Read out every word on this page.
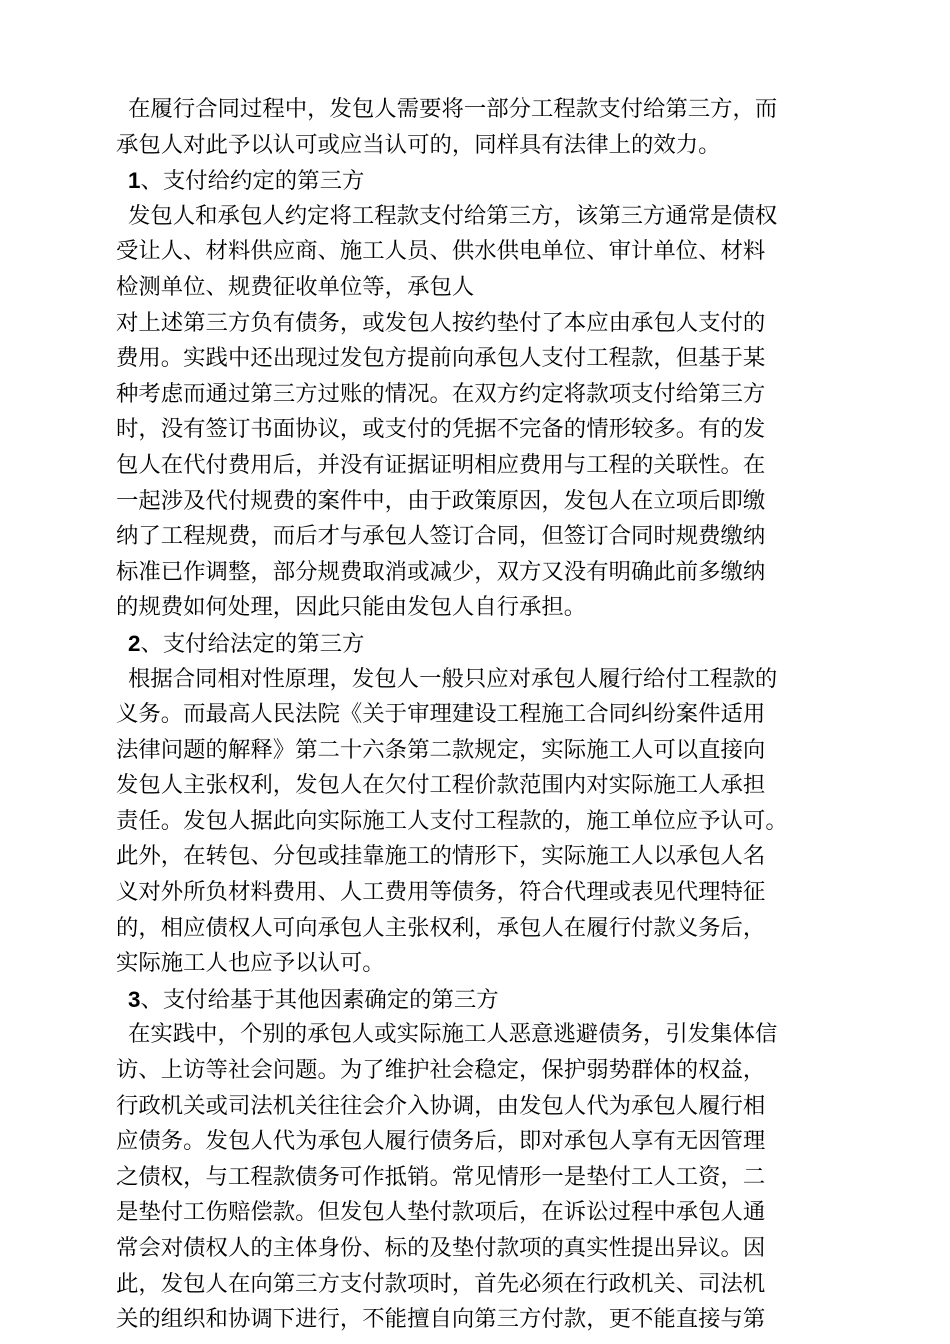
在履行合同过程中，发包人需要将一部分工程款支付给第三方，而
承包人对此予以认可或应当认可的，同样具有法律上的效力。
1、支付给约定的第三方
发包人和承包人约定将工程款支付给第三方，该第三方通常是债权
受让人、材料供应商、施工人员、供水供电单位、审计单位、材料
检测单位、规费征收单位等，承包人
对上述第三方负有债务，或发包人按约垫付了本应由承包人支付的
费用。实践中还出现过发包方提前向承包人支付工程款，但基于某
种考虑而通过第三方过账的情况。在双方约定将款项支付给第三方
时，没有签订书面协议，或支付的凭据不完备的情形较多。有的发
包人在代付费用后，并没有证据证明相应费用与工程的关联性。在
一起涉及代付规费的案件中，由于政策原因，发包人在立项后即缴
纳了工程规费，而后才与承包人签订合同，但签订合同时规费缴纳
标准已作调整，部分规费取消或减少，双方又没有明确此前多缴纳
的规费如何处理，因此只能由发包人自行承担。
2、支付给法定的第三方
根据合同相对性原理，发包人一般只应对承包人履行给付工程款的
义务。而最高人民法院《关于审理建设工程施工合同纠纷案件适用
法律问题的解释》第二十六条第二款规定，实际施工人可以直接向
发包人主张权利，发包人在欠付工程价款范围内对实际施工人承担
责任。发包人据此向实际施工人支付工程款的，施工单位应予认可。
此外，在转包、分包或挂靠施工的情形下，实际施工人以承包人名
义对外所负材料费用、人工费用等债务，符合代理或表见代理特征
的，相应债权人可向承包人主张权利，承包人在履行付款义务后，
实际施工人也应予以认可。
3、支付给基于其他因素确定的第三方
在实践中，个别的承包人或实际施工人恶意逃避债务，引发集体信
访、上访等社会问题。为了维护社会稳定，保护弱势群体的权益，
行政机关或司法机关往往会介入协调，由发包人代为承包人履行相
应债务。发包人代为承包人履行债务后，即对承包人享有无因管理
之债权，与工程款债务可作抵销。常见情形一是垫付工人工资，二
是垫付工伤赔偿款。但发包人垫付款项后，在诉讼过程中承包人通
常会对债权人的主体身份、标的及垫付款项的真实性提出异议。因
此，发包人在向第三方支付款项时，首先必须在行政机关、司法机
关的组织和协调下进行，不能擅自向第三方付款，更不能直接与第
